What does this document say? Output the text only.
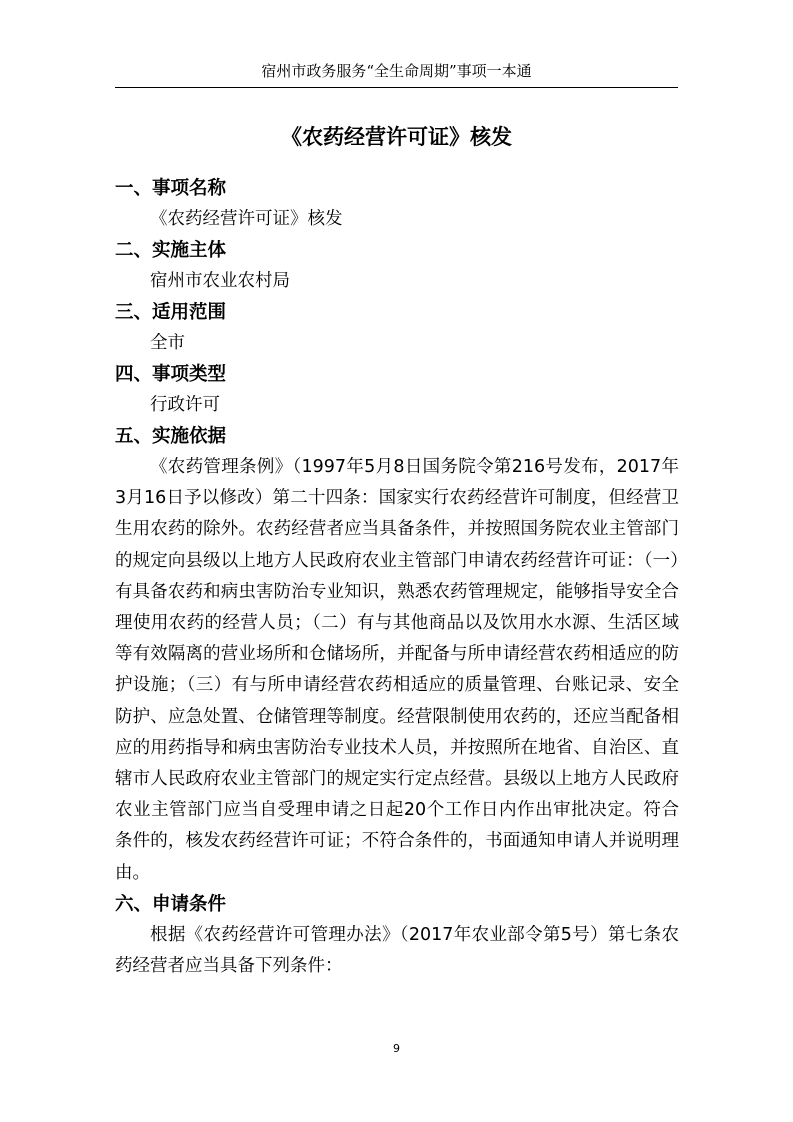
宿州市政务服务“全生命周期”事项一本通
《农药经营许可证》核发
一、事项名称
《农药经营许可证》核发
二、实施主体
宿州市农业农村局
三、适用范围
全市
四、事项类型
行政许可
五、实施依据
《农药管理条例》（1997年5月8日国务院令第216号发布，2017年3月16日予以修改）第二十四条：国家实行农药经营许可制度，但经营卫生用农药的除外。农药经营者应当具备条件，并按照国务院农业主管部门的规定向县级以上地方人民政府农业主管部门申请农药经营许可证：（一）有具备农药和病虫害防治专业知识，熟悉农药管理规定，能够指导安全合理使用农药的经营人员；（二）有与其他商品以及饮用水水源、生活区域等有效隔离的营业场所和仓储场所，并配备与所申请经营农药相适应的防护设施；（三）有与所申请经营农药相适应的质量管理、台账记录、安全防护、应急处置、仓储管理等制度。经营限制使用农药的，还应当配备相应的用药指导和病虫害防治专业技术人员，并按照所在地省、自治区、直辖市人民政府农业主管部门的规定实行定点经营。县级以上地方人民政府农业主管部门应当自受理申请之日起20个工作日内作出审批决定。符合条件的，核发农药经营许可证；不符合条件的，书面通知申请人并说明理由。
六、申请条件
根据《农药经营许可管理办法》（2017年农业部令第5号）第七条农药经营者应当具备下列条件：
9
